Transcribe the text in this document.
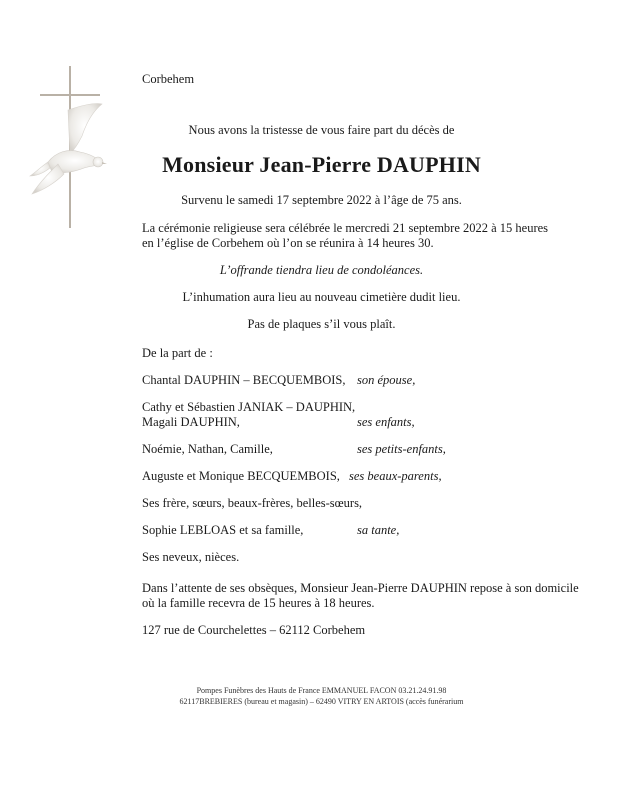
Corbehem
Nous avons la tristesse de vous faire part du décès de
Monsieur Jean-Pierre DAUPHIN
Survenu le samedi 17 septembre 2022 à l’âge de 75 ans.
La cérémonie religieuse sera célébrée le mercredi 21 septembre 2022 à 15 heures
en l’église de Corbehem où l’on se réunira à 14 heures 30.
L’offrande tiendra lieu de condoléances.
L’inhumation aura lieu au nouveau cimetière dudit lieu.
Pas de plaques s’il vous plaît.
De la part de :
Chantal DAUPHIN – BECQUEMBOIS, son épouse,
Cathy et Sébastien JANIAK – DAUPHIN,
Magali DAUPHIN,	ses enfants,
Noémie, Nathan, Camille,	ses petits-enfants,
Auguste et Monique BECQUEMBOIS, ses beaux-parents,
Ses frère, sœurs, beaux-frères, belles-sœurs,
Sophie LEBLOAS et sa famille,	sa tante,
Ses neveux, nièces.
Dans l’attente de ses obsèques, Monsieur Jean-Pierre DAUPHIN repose à son domicile
où la famille recevra de 15 heures à 18 heures.
127 rue de Courchelettes – 62112 Corbehem
Pompes Funèbres des Hauts de France EMMANUEL FACON 03.21.24.91.98
62117BREBIERES (bureau et magasin) – 62490 VITRY EN ARTOIS (accès funérarium
